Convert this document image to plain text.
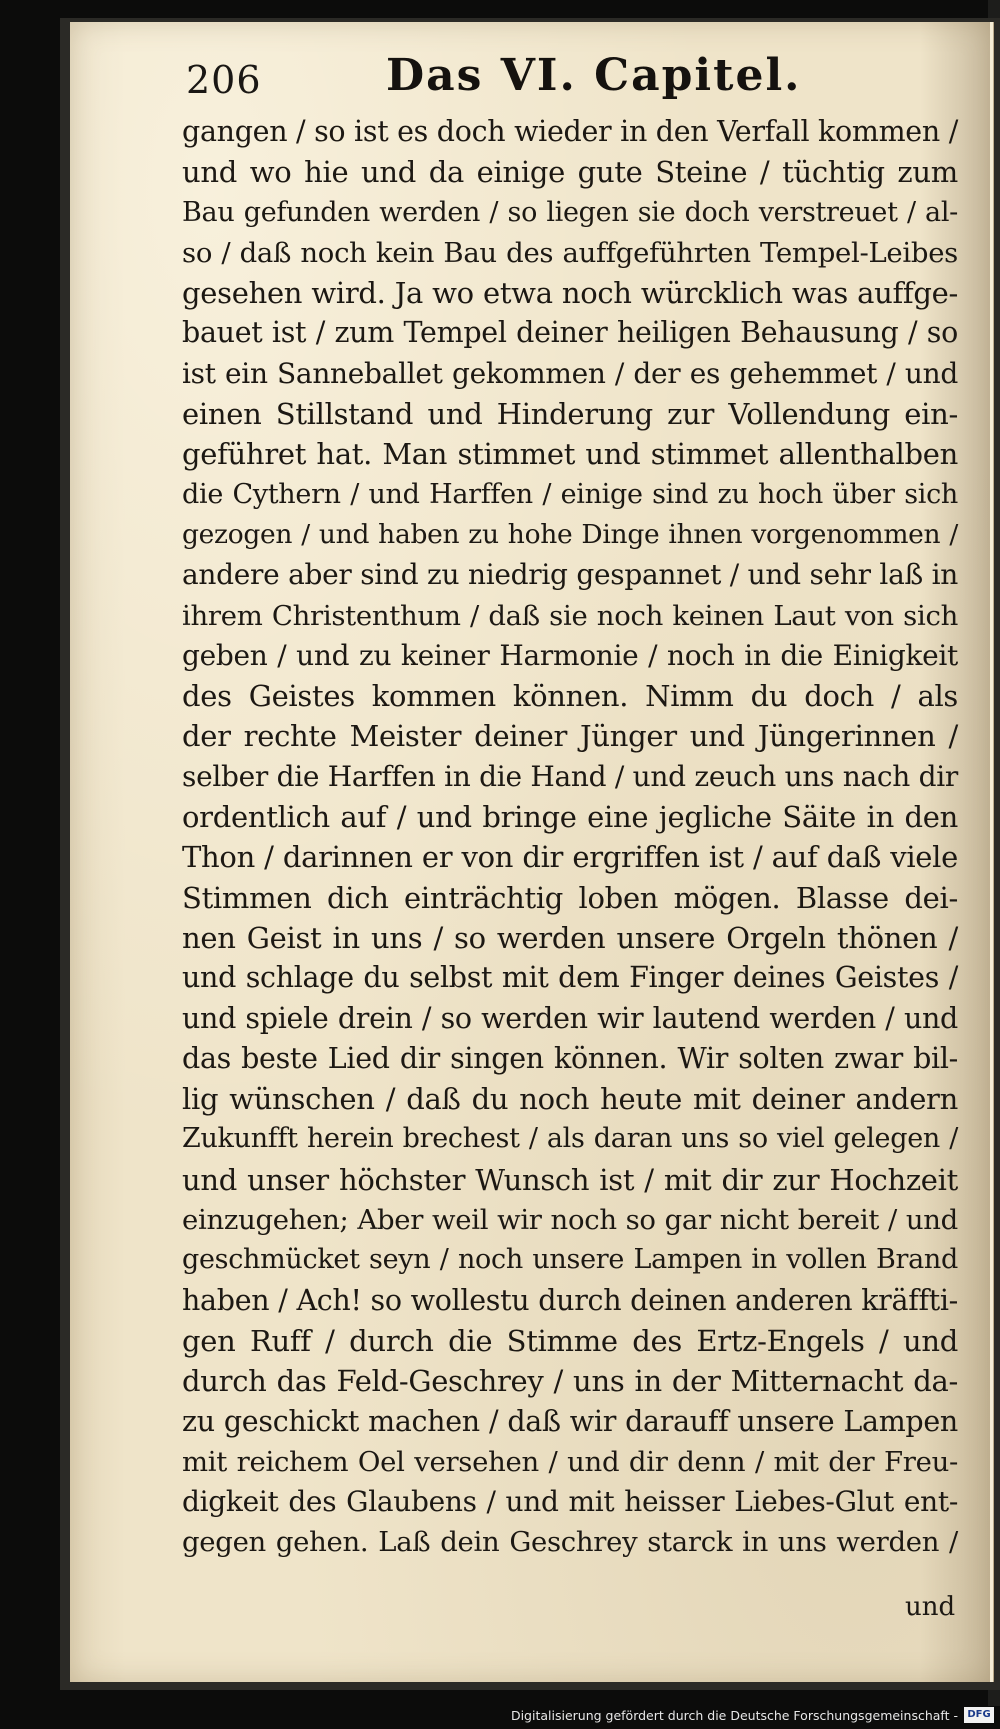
206	Das VI. Capitel.
gangen / so ist es doch wieder in den Verfall kommen /
und wo hie und da einige gute Steine / tüchtig zum
Bau gefunden werden / so liegen sie doch verstreuet / al-
so / daß noch kein Bau des auffgeführten Tempel-Leibes
gesehen wird. Ja wo etwa noch würcklich was auffge-
bauet ist / zum Tempel deiner heiligen Behausung / so
ist ein Sanneballet gekommen / der es gehemmet / und
einen Stillstand und Hinderung zur Vollendung ein-
geführet hat. Man stimmet und stimmet allenthalben
die Cythern / und Harffen / einige sind zu hoch über sich
gezogen / und haben zu hohe Dinge ihnen vorgenommen /
andere aber sind zu niedrig gespannet / und sehr laß in
ihrem Christenthum / daß sie noch keinen Laut von sich
geben / und zu keiner Harmonie / noch in die Einigkeit
des Geistes kommen können. Nimm du doch / als
der rechte Meister deiner Jünger und Jüngerinnen /
selber die Harffen in die Hand / und zeuch uns nach dir
ordentlich auf / und bringe eine jegliche Säite in den
Thon / darinnen er von dir ergriffen ist / auf daß viele
Stimmen dich einträchtig loben mögen. Blasse dei-
nen Geist in uns / so werden unsere Orgeln thönen /
und schlage du selbst mit dem Finger deines Geistes /
und spiele drein / so werden wir lautend werden / und
das beste Lied dir singen können. Wir solten zwar bil-
lig wünschen / daß du noch heute mit deiner andern
Zukunfft herein brechest / als daran uns so viel gelegen /
und unser höchster Wunsch ist / mit dir zur Hochzeit
einzugehen; Aber weil wir noch so gar nicht bereit / und
geschmücket seyn / noch unsere Lampen in vollen Brand
haben / Ach! so wollestu durch deinen anderen kräffti-
gen Ruff / durch die Stimme des Ertz-Engels / und
durch das Feld-Geschrey / uns in der Mitternacht da-
zu geschickt machen / daß wir darauff unsere Lampen
mit reichem Oel versehen / und dir denn / mit der Freu-
digkeit des Glaubens / und mit heisser Liebes-Glut ent-
gegen gehen. Laß dein Geschrey starck in uns werden /
und
Digitalisierung gefördert durch die Deutsche Forschungsgemeinschaft - DFG
